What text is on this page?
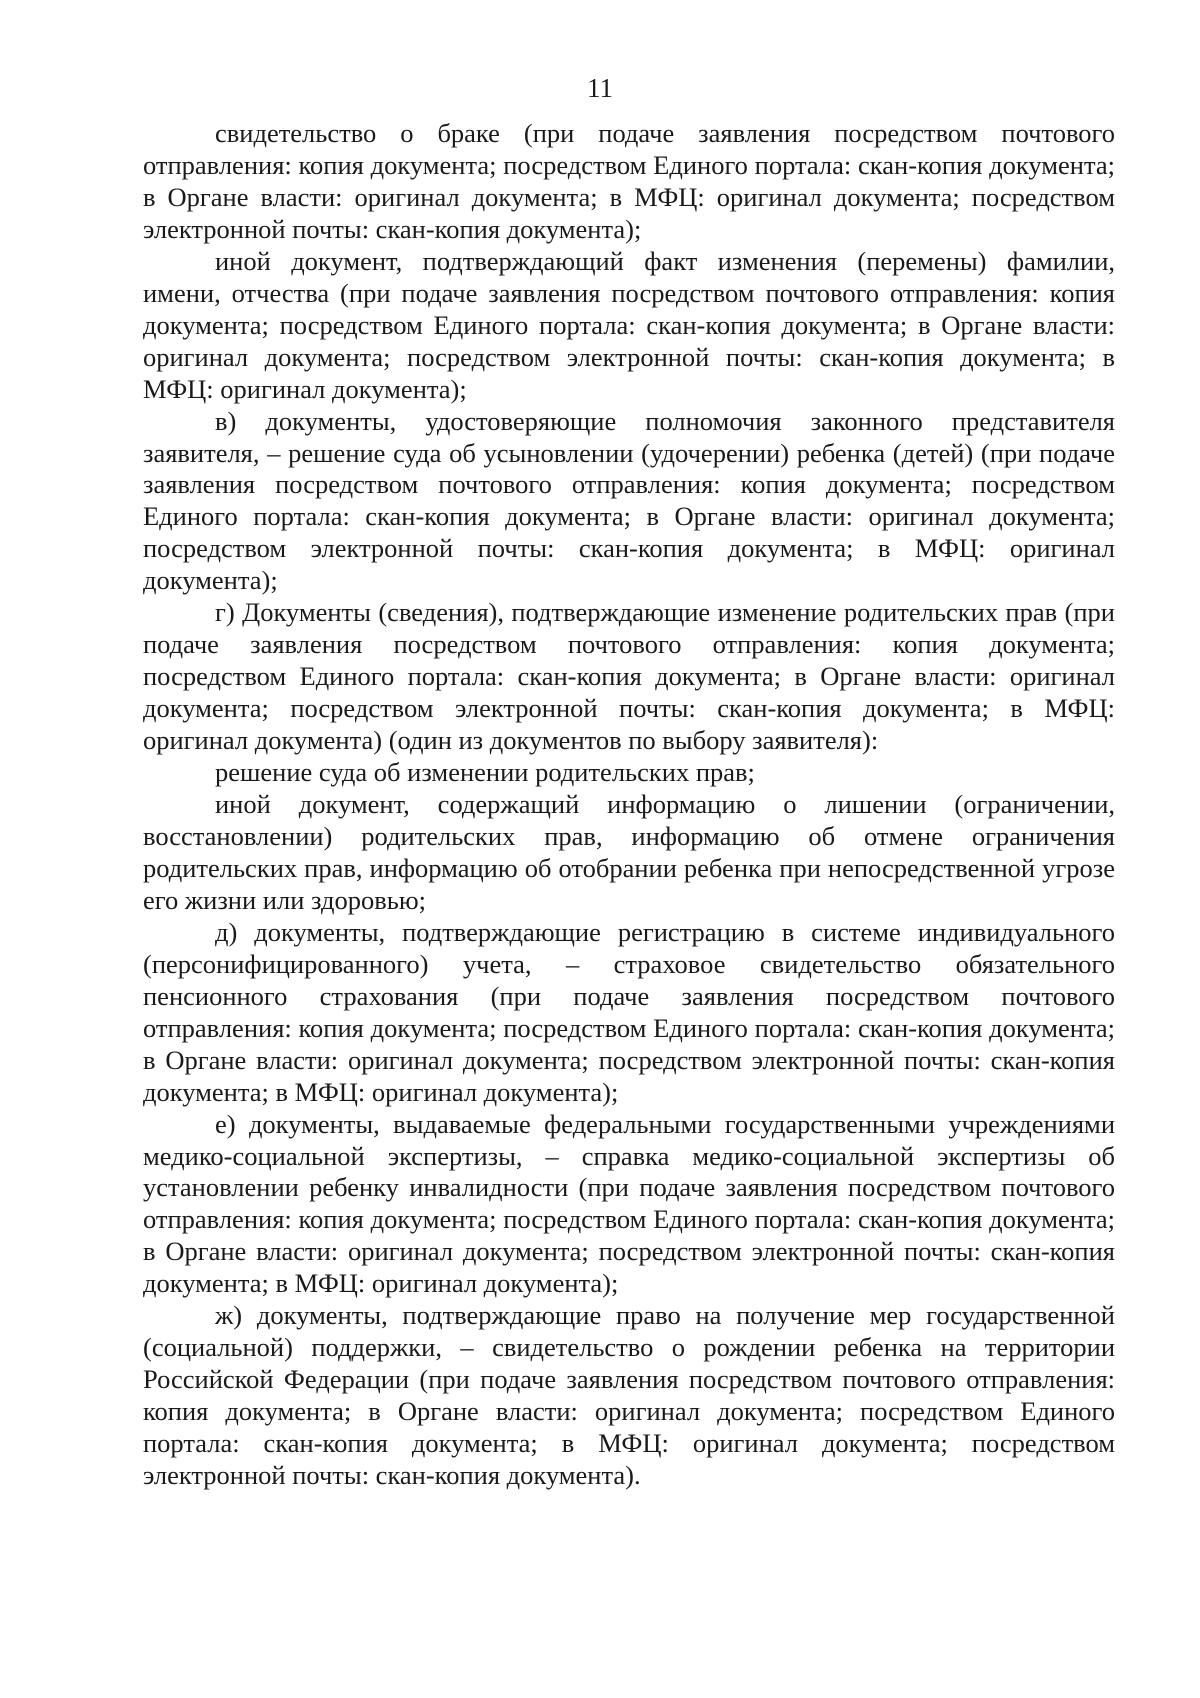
11

свидетельство о браке (при подаче заявления посредством почтового отправления: копия документа; посредством Единого портала: скан-копия документа; в Органе власти: оригинал документа; в МФЦ: оригинал документа; посредством электронной почты: скан-копия документа);

иной документ, подтверждающий факт изменения (перемены) фамилии, имени, отчества (при подаче заявления посредством почтового отправления: копия документа; посредством Единого портала: скан-копия документа; в Органе власти: оригинал документа; посредством электронной почты: скан-копия документа; в МФЦ: оригинал документа);

в) документы, удостоверяющие полномочия законного представителя заявителя, – решение суда об усыновлении (удочерении) ребенка (детей) (при подаче заявления посредством почтового отправления: копия документа; посредством Единого портала: скан-копия документа; в Органе власти: оригинал документа; посредством электронной почты: скан-копия документа; в МФЦ: оригинал документа);

г) Документы (сведения), подтверждающие изменение родительских прав (при подаче заявления посредством почтового отправления: копия документа; посредством Единого портала: скан-копия документа; в Органе власти: оригинал документа; посредством электронной почты: скан-копия документа; в МФЦ: оригинал документа) (один из документов по выбору заявителя):

решение суда об изменении родительских прав;

иной документ, содержащий информацию о лишении (ограничении, восстановлении) родительских прав, информацию об отмене ограничения родительских прав, информацию об отобрании ребенка при непосредственной угрозе его жизни или здоровью;

д) документы, подтверждающие регистрацию в системе индивидуального (персонифицированного) учета, – страховое свидетельство обязательного пенсионного страхования (при подаче заявления посредством почтового отправления: копия документа; посредством Единого портала: скан-копия документа; в Органе власти: оригинал документа; посредством электронной почты: скан-копия документа; в МФЦ: оригинал документа);

е) документы, выдаваемые федеральными государственными учреждениями медико-социальной экспертизы, – справка медико-социальной экспертизы об установлении ребенку инвалидности (при подаче заявления посредством почтового отправления: копия документа; посредством Единого портала: скан-копия документа; в Органе власти: оригинал документа; посредством электронной почты: скан-копия документа; в МФЦ: оригинал документа);

ж) документы, подтверждающие право на получение мер государственной (социальной) поддержки, – свидетельство о рождении ребенка на территории Российской Федерации (при подаче заявления посредством почтового отправления: копия документа; в Органе власти: оригинал документа; посредством Единого портала: скан-копия документа; в МФЦ: оригинал документа; посредством электронной почты: скан-копия документа).
